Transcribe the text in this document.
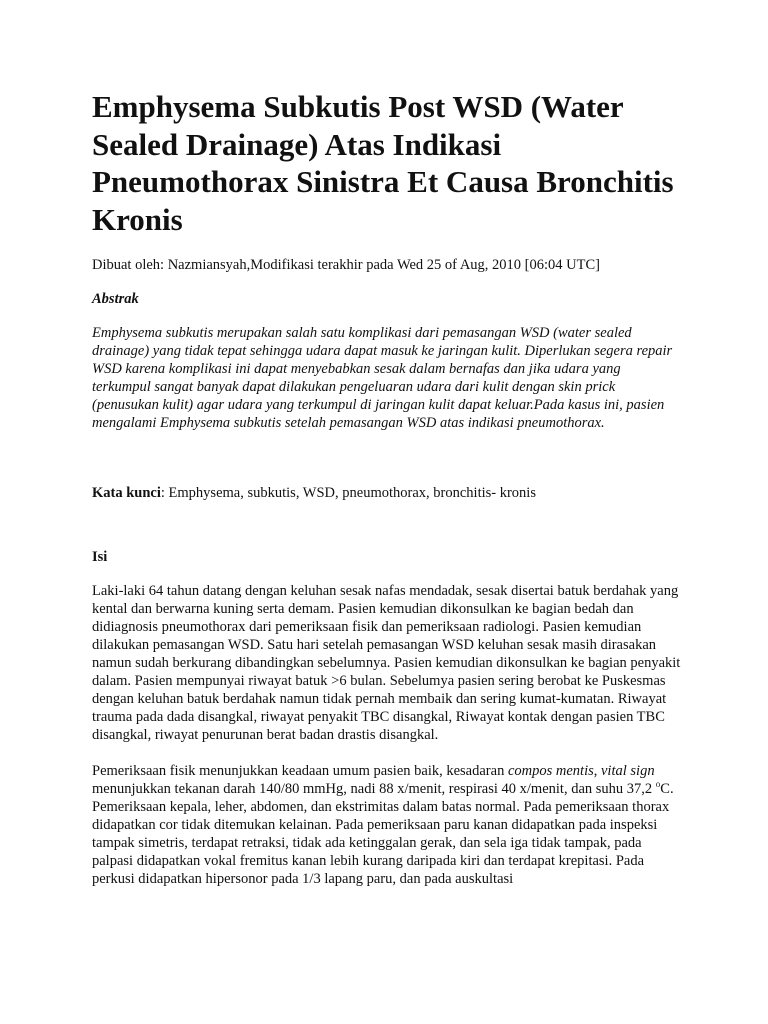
Emphysema Subkutis Post WSD (Water Sealed Drainage) Atas Indikasi Pneumothorax Sinistra Et Causa Bronchitis Kronis
Dibuat oleh: Nazmiansyah,Modifikasi terakhir pada Wed 25 of Aug, 2010 [06:04 UTC]
Abstrak
Emphysema subkutis merupakan salah satu komplikasi dari pemasangan WSD (water sealed drainage) yang tidak tepat sehingga udara dapat masuk ke jaringan kulit. Diperlukan segera repair WSD karena komplikasi ini dapat menyebabkan sesak dalam bernafas dan jika udara yang terkumpul sangat banyak dapat dilakukan pengeluaran udara dari kulit dengan skin prick (penusukan kulit) agar udara yang terkumpul di jaringan kulit dapat keluar.Pada kasus ini, pasien mengalami Emphysema subkutis setelah pemasangan WSD atas indikasi pneumothorax.
Kata kunci: Emphysema, subkutis, WSD, pneumothorax, bronchitis- kronis
Isi
Laki-laki 64 tahun datang dengan keluhan sesak nafas mendadak, sesak disertai batuk berdahak yang kental dan berwarna kuning serta demam. Pasien kemudian dikonsulkan ke bagian bedah dan didiagnosis pneumothorax dari pemeriksaan fisik dan pemeriksaan radiologi. Pasien kemudian dilakukan pemasangan WSD. Satu hari setelah pemasangan WSD keluhan sesak masih dirasakan namun sudah berkurang dibandingkan sebelumnya. Pasien kemudian dikonsulkan ke bagian penyakit dalam. Pasien mempunyai riwayat batuk >6 bulan. Sebelumya pasien sering berobat ke Puskesmas dengan keluhan batuk berdahak namun tidak pernah membaik dan sering kumat-kumatan. Riwayat trauma pada dada disangkal, riwayat penyakit TBC disangkal, Riwayat kontak dengan pasien TBC disangkal, riwayat penurunan berat badan drastis disangkal.
Pemeriksaan fisik menunjukkan keadaan umum pasien baik, kesadaran compos mentis, vital sign menunjukkan tekanan darah 140/80 mmHg, nadi 88 x/menit, respirasi 40 x/menit, dan suhu 37,2 $^o$C. Pemeriksaan kepala, leher, abdomen, dan ekstrimitas dalam batas normal. Pada pemeriksaan thorax didapatkan cor tidak ditemukan kelainan. Pada pemeriksaan paru kanan didapatkan pada inspeksi tampak simetris, terdapat retraksi, tidak ada ketinggalan gerak, dan sela iga tidak tampak, pada palpasi didapatkan vokal fremitus kanan lebih kurang daripada kiri dan terdapat krepitasi. Pada perkusi didapatkan hipersonor pada 1/3 lapang paru, dan pada auskultasi
